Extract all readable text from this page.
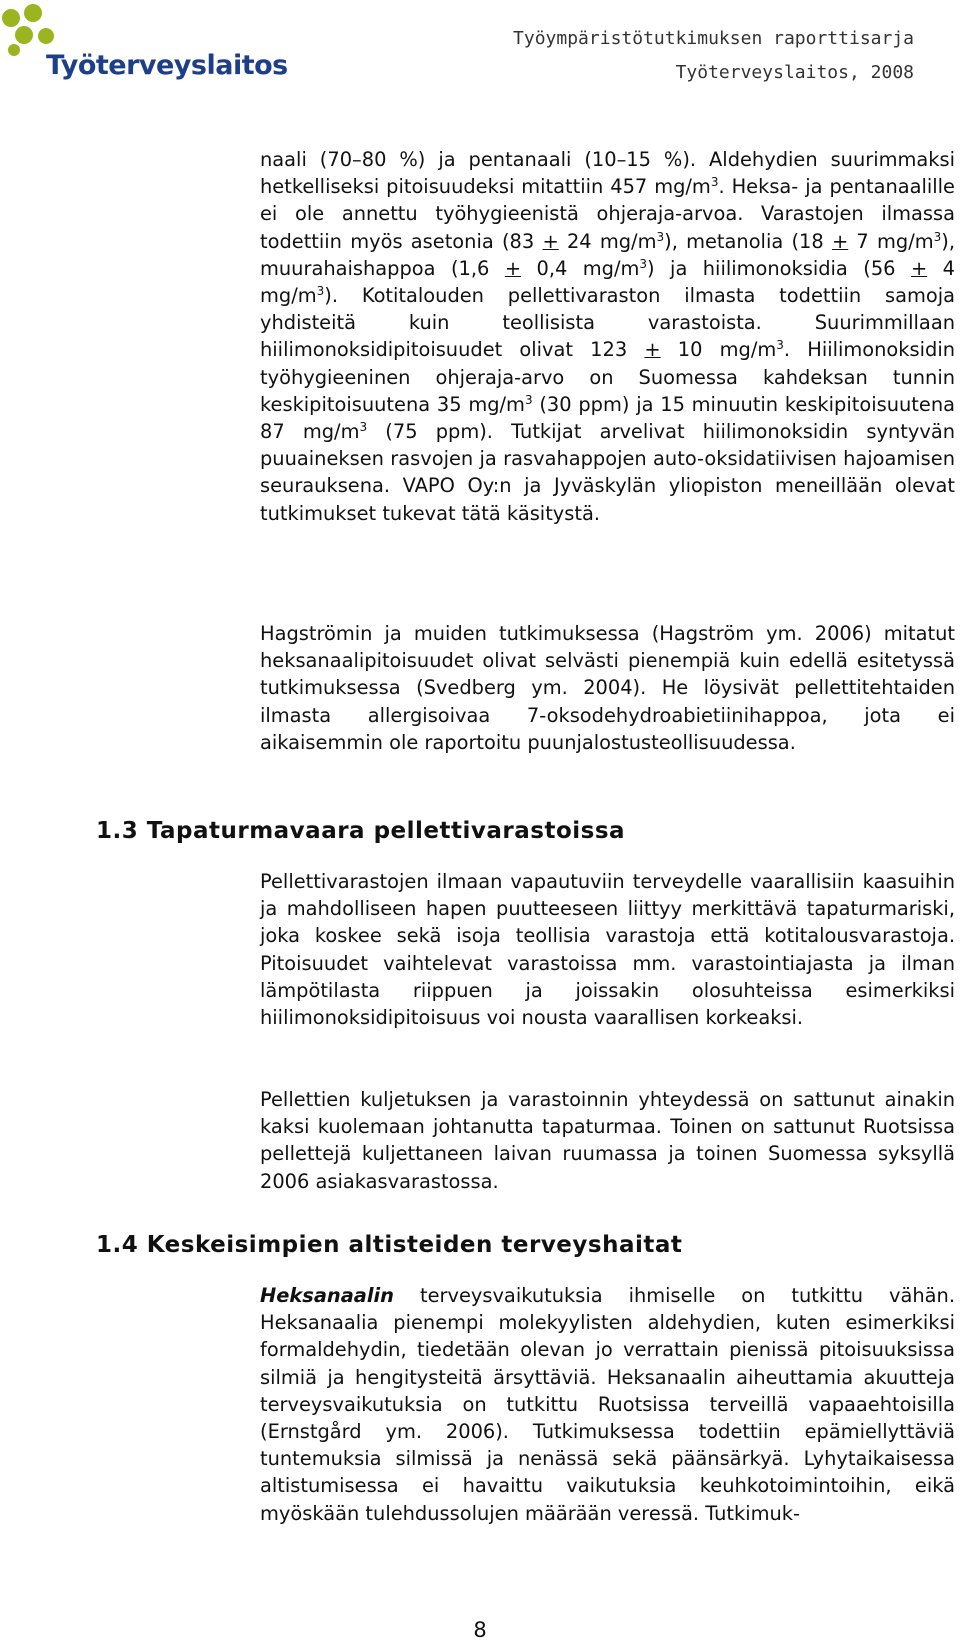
Työterveyslaitos
Työympäristötutkimuksen raporttisarja
Työterveyslaitos, 2008

naali (70–80 %) ja pentanaali (10–15 %). Aldehydien suurimmaksi hetkelliseksi pitoisuudeksi mitattiin 457 $mg/m^3$. Heksa- ja pentanaalille ei ole annettu työhygieenistä ohjeraja-arvoa. Varastojen ilmassa todettiin myös asetonia (83 + 24 $mg/m^3$), metanolia (18 + 7 $mg/m^3$), muurahaishappoa (1,6 + 0,4 $mg/m^3$) ja hiilimonoksidia (56 + 4 $mg/m^3$). Kotitalouden pellettivaraston ilmasta todettiin samoja yhdisteitä kuin teollisista varastoista. Suurimmillaan hiilimonoksidipitoisuudet olivat 123 + 10 $mg/m^3$. Hiilimonoksidin työhygieeninen ohjeraja-arvo on Suomessa kahdeksan tunnin keskipitoisuutena 35 $mg/m^3$ (30 ppm) ja 15 minuutin keskipitoisuutena 87 $mg/m^3$ (75 ppm). Tutkijat arvelivat hiilimonoksidin syntyvän puuaineksen rasvojen ja rasvahappojen auto-oksidatiivisen hajoamisen seurauksena. VAPO Oy:n ja Jyväskylän yliopiston meneillään olevat tutkimukset tukevat tätä käsitystä.

Hagströmin ja muiden tutkimuksessa (Hagström ym. 2006) mitatut heksanaalipitoisuudet olivat selvästi pienempiä kuin edellä esitetyssä tutkimuksessa (Svedberg ym. 2004). He löysivät pellettitehtaiden ilmasta allergisoivaa 7-oksodehydroabietiinihappoa, jota ei aikaisemmin ole raportoitu puunjalostusteollisuudessa.

1.3 Tapaturmavaara pellettivarastoissa

Pellettivarastojen ilmaan vapautuviin terveydelle vaarallisiin kaasuihin ja mahdolliseen hapen puutteeseen liittyy merkittävä tapaturmariski, joka koskee sekä isoja teollisia varastoja että kotitalousvarastoja. Pitoisuudet vaihtelevat varastoissa mm. varastointiajasta ja ilman lämpötilasta riippuen ja joissakin olosuhteissa esimerkiksi hiilimonoksidipitoisuus voi nousta vaarallisen korkeaksi.

Pellettien kuljetuksen ja varastoinnin yhteydessä on sattunut ainakin kaksi kuolemaan johtanutta tapaturmaa. Toinen on sattunut Ruotsissa pellettejä kuljettaneen laivan ruumassa ja toinen Suomessa syksyllä 2006 asiakasvarastossa.

1.4 Keskeisimpien altisteiden terveyshaitat

Heksanaalin terveysvaikutuksia ihmiselle on tutkittu vähän. Heksanaalia pienempi molekyylisten aldehydien, kuten esimerkiksi formaldehydin, tiedetään olevan jo verrattain pienissä pitoisuuksissa silmiä ja hengitysteitä ärsyttäviä. Heksanaalin aiheuttamia akuutteja terveysvaikutuksia on tutkittu Ruotsissa terveillä vapaaehtoisilla (Ernstgård ym. 2006). Tutkimuksessa todettiin epämiellyttäviä tuntemuksia silmissä ja nenässä sekä päänsärkyä. Lyhytaikaisessa altistumisessa ei havaittu vaikutuksia keuhkotoimintoihin, eikä myöskään tulehdussolujen määrään veressä. Tutkimuk-

8
